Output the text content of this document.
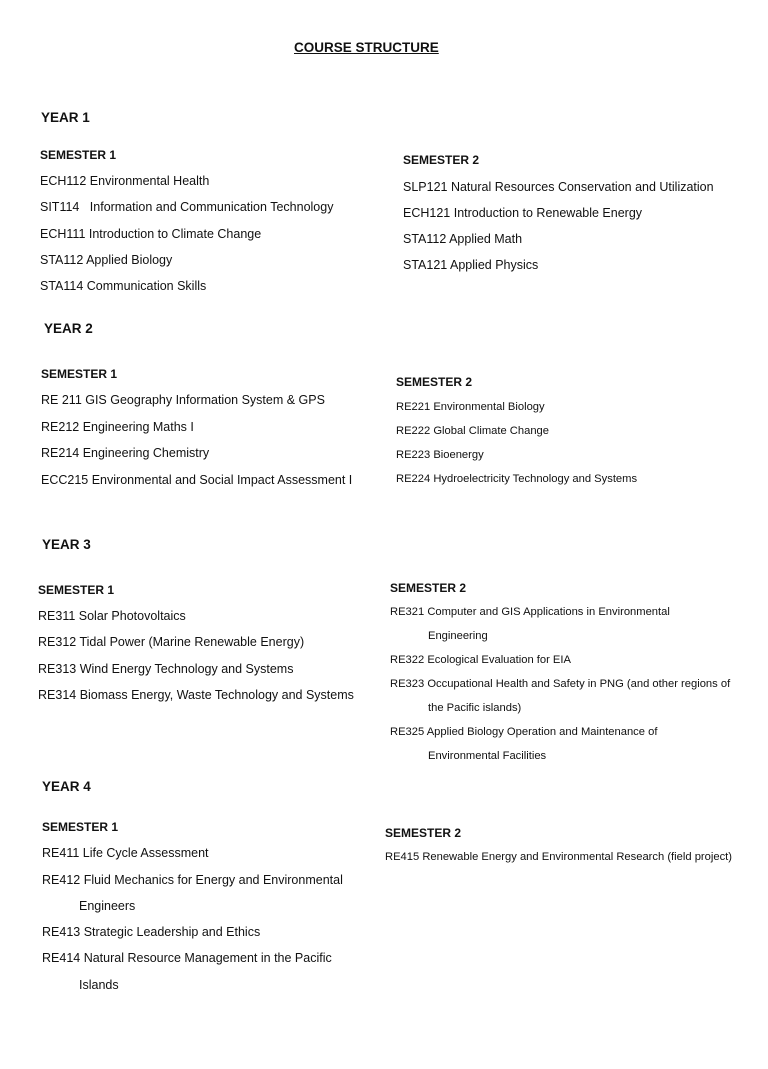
COURSE STRUCTURE
YEAR 1
SEMESTER 1
ECH112 Environmental Health
SIT114   Information and Communication Technology
ECH111 Introduction to Climate Change
STA112 Applied Biology
STA114 Communication Skills
SEMESTER 2
SLP121 Natural Resources Conservation and Utilization
ECH121 Introduction to Renewable Energy
STA112 Applied Math
STA121 Applied Physics
YEAR 2
SEMESTER 1
RE 211 GIS Geography Information System & GPS
RE212 Engineering Maths I
RE214 Engineering Chemistry
ECC215 Environmental and Social Impact Assessment I
SEMESTER 2
RE221 Environmental Biology
RE222 Global Climate Change
RE223 Bioenergy
RE224 Hydroelectricity Technology and Systems
YEAR 3
SEMESTER 1
RE311 Solar Photovoltaics
RE312 Tidal Power (Marine Renewable Energy)
RE313 Wind Energy Technology and Systems
RE314 Biomass Energy, Waste Technology and Systems
SEMESTER 2
RE321 Computer and GIS Applications in Environmental
Engineering
RE322 Ecological Evaluation for EIA
RE323 Occupational Health and Safety in PNG (and other regions of
the Pacific islands)
RE325 Applied Biology Operation and Maintenance of
Environmental Facilities
YEAR 4
SEMESTER 1
RE411 Life Cycle Assessment
RE412 Fluid Mechanics for Energy and Environmental
Engineers
RE413 Strategic Leadership and Ethics
RE414 Natural Resource Management in the Pacific
Islands
SEMESTER 2
RE415 Renewable Energy and Environmental Research (field project)
